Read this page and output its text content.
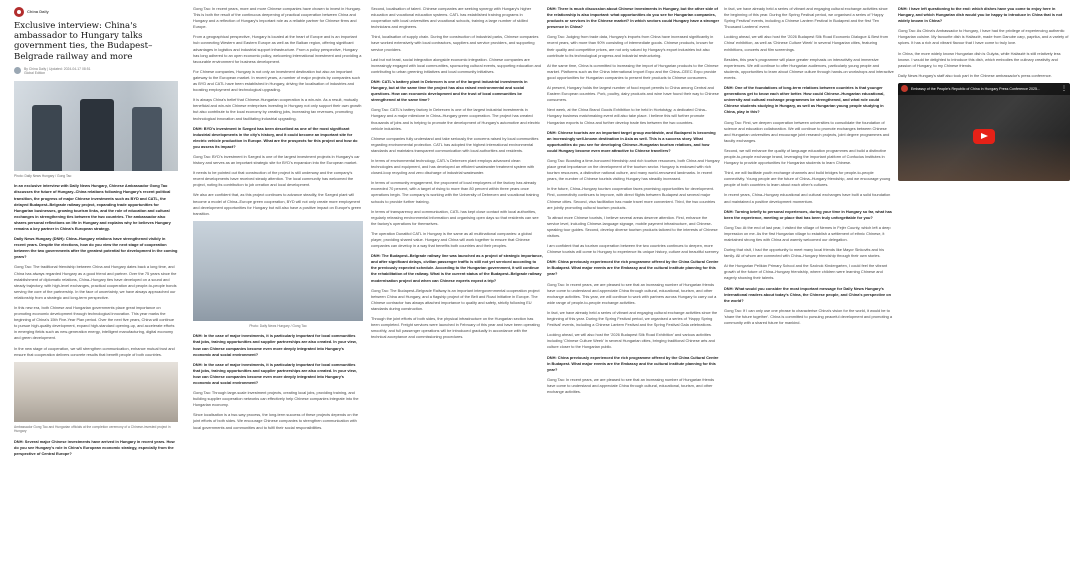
China Daily
Exclusive interview: China's ambassador to Hungary talks government ties, the Budapest–Belgrade railway and more
By China Daily | Updated: 2024-04-17 08:51
Global Edition
Photo: Daily News Hungary / Gong Tao

In an exclusive interview with Daily News Hungary, Chinese Ambassador Gong Tao discusses the future of Hungary–China relations following Hungary's recent political transition, the progress of major Chinese investments such as BYD and CATL, the delayed Budapest–Belgrade railway project, expanding trade opportunities for Hungarian businesses, growing tourism links, and the role of education and cultural exchanges in strengthening ties between the two countries. The ambassador also shares personal reflections on life in Hungary and explains why he believes Hungary remains a key partner in China's European strategy.

Daily News Hungary (DNH): China–Hungary relations have strengthened visibly in recent years. Despite the elections, how do you view the next stage of cooperation between the two governments after the greatest potential for development in the coming years?

Gong Tao: The traditional friendship between China and Hungary dates back a long time, and China has always regarded Hungary as a good friend and partner. Over the 75 years since the establishment of diplomatic relations, China–Hungary ties have developed on a sound and steady trajectory, with high-level exchanges, practical cooperation and people-to-people bonds serving the core of the partnership. In the face of uncertainty, we have always approached our relationship from a strategic and long-term perspective.

In this new era, both Chinese and Hungarian governments place great importance on promoting economic development through technological innovation. This year marks the beginning of China's 15th Five-Year Plan period. Over the next five years, China will continue to pursue high-quality development, expand high-standard opening-up, and accelerate efforts in emerging fields such as new-generation energy, intelligent manufacturing, digital economy and green development.

In the new stage of cooperation, we will strengthen communication, enhance mutual trust and ensure that cooperation delivers concrete results that benefit people of both countries.

Ambassador Gong Tao and Hungarian officials at the completion ceremony of a Chinese-invested project in Hungary

DNH: Several major Chinese investments have arrived in Hungary in recent years. How do you see Hungary's role in China's European economic strategy, especially from the perspective of Central Europe?

Gong Tao: In recent years, more and more Chinese companies have chosen to invest in Hungary. This is both the result of the continuous deepening of practical cooperation between China and Hungary and a reflection of Hungary's important role as a reliable partner for Chinese firms and Europe.

From a geographical perspective, Hungary is located at the heart of Europe and is an important hub connecting Western and Eastern Europe as well as the Balkan region, offering significant advantages in logistics and industrial support infrastructure. From a policy perspective, Hungary has long adhered to an open economic policy, welcoming international investment and providing a favourable environment for business development.

For Chinese companies, Hungary is not only an investment destination but also an important gateway to the European market. In recent years, a number of major projects by companies such as BYD and CATL have been established in Hungary, driving the localisation of industries and boosting employment and technological upgrading.

It is always China's belief that Chinese-Hungarian cooperation is a win-win. As a result, mutually beneficial and win-win Chinese enterprises investing in Hungary not only support their own growth but also contribute to the local economy by creating jobs, increasing tax revenues, promoting technological innovation and facilitating industrial upgrading.

DNH: BYD's investment in Szeged has been described as one of the most significant industrial developments in the city's history, and it could become an important site for electric vehicle production in Europe. What are the prospects for this project and how do you assess its impact?

Gong Tao: BYD's investment in Szeged is one of the largest investment projects in Hungary's car history and serves as an important strategic site for BYD's expansion into the European market.

It needs to be pointed out that construction of the project is still underway and the company's recent developments have received steady attention. The local community has welcomed the project, noting its contribution to job creation and local development.

We also are confident that, as this project continues to advance steadily, the Szeged plant will become a model of China–Europe green cooperation, BYD will not only create more employment and development opportunities for Hungary but will also have a positive impact on Europe's green transition.

Photo: Daily News Hungary / Gong Tao

DNH: In the case of major investments, it is particularly important for local communities that jobs, training opportunities and supplier partnerships are also created. In your view, how can Chinese companies become even more deeply integrated into Hungary's economic and social environment?

DNH: In the case of major investments, it is particularly important for local communities that jobs, training opportunities and supplier partnerships are also created. In your view, how can Chinese companies become even more deeply integrated into Hungary's economic and social environment?

Gong Tao: Through large-scale investment projects, creating local jobs, providing training, and building supplier cooperation networks can effectively help Chinese companies integrate into the Hungarian economy.

Since localisation is a two-way process, the long-term success of these projects depends on the joint efforts of both sides. We encourage Chinese companies to strengthen communication with local governments and communities and to fulfil their social responsibilities.

Second, localisation of talent. Chinese companies are seeking synergy with Hungary's higher education and vocational education systems. CATL has established training programs in cooperation with local universities and vocational schools, training a large number of skilled technicians and engineers.

Third, localisation of supply chain. During the construction of industrial parks, Chinese companies have worked extensively with local contractors, suppliers and service providers, and supporting service providers.

Last but not least, social integration alongside economic integration. Chinese companies are increasingly engaged with local communities, sponsoring cultural events, supporting education and contributing to urban greening initiatives and local community initiatives.

DNH: CATL's battery plant in Debrecen is one of the largest industrial investments in Hungary, but at the same time the project has also raised environmental and social questions. How can economic development and the trust of local communities be strengthened at the same time?

Gong Tao: CATL's battery factory in Debrecen is one of the largest industrial investments in Hungary and a major milestone in China–Hungary green cooperation. The project has created thousands of jobs and is helping to promote the development of Hungary's automotive and electric vehicle industries.

Chinese companies fully understand and take seriously the concerns raised by local communities regarding environmental protection. CATL has adopted the highest international environmental standards and maintains transparent communication with local authorities and residents.

In terms of environmental technology, CATL's Debrecen plant employs advanced clean technologies and equipment, and has developed an efficient wastewater treatment system with closed-loop recycling and zero discharge of industrial wastewater.

In terms of community engagement, the proponent of local employees of the factory has already exceeded 70 percent, with a target of rising to more than 80 percent within three years once operations begin. The company is working with the University of Debrecen and vocational training schools to provide further training.

In terms of transparency and communication, CATL has kept close contact with local authorities, regularly releasing environmental information and organising open days so that residents can see the factory's operations for themselves.

The operation Dunatitol CATL in Hungary is the same as all multinational companies: a global player, providing shared value. Hungary and China will work together to ensure that Chinese companies can develop in a way that benefits both countries and their peoples.

DNH: The Budapest–Belgrade railway line was launched as a project of strategic importance, and after significant delays, civilian passenger traffic is still not yet serviced according to the previously expected schedule. According to the Hungarian government, it will continue the rehabilitation of the railway. What is the current status of the Budapest–Belgrade railway modernisation project and when can Chinese experts expect a trip?

Gong Tao: The Budapest–Belgrade Railway is an important intergovernmental cooperation project between China and Hungary, and a flagship project of the Belt and Road Initiative in Europe. The Chinese contractor has always attached importance to quality and safety, strictly following EU standards during construction.

Through the joint efforts of both sides, the physical infrastructure on the Hungarian section has been completed. Freight services were launched in February of this year and have been operating smoothly, and full passenger operations will be introduced gradually in accordance with the technical acceptance and commissioning procedures.

DNH: There is much discussion about Chinese investments in Hungary, but the other side of the relationship is also important: what opportunities do you see for Hungarian companies, products or services in the Chinese market? In which sectors could Hungary have a stronger presence in China?

Gong Tao: Judging from trade data, Hungary's imports from China have increased significantly in recent years, with more than 90% consisting of intermediate goods. Chinese products, known for their quality and competitive prices, are not only valued by Hungary's export industries but also contribute to its technological progress and industrial restructuring.

At the same time, China is committed to increasing the import of Hungarian products to the Chinese market. Platforms such as the China International Import Expo and the China–CEEC Expo provide good opportunities for Hungarian companies to present their products to Chinese consumers.

At present, Hungary holds the largest number of food export permits to China among Central and Eastern European countries. Pork, poultry, dairy products and wine have found their way to Chinese consumers.

Next week, at the China Brand Goods Exhibition to be held in Hortobágy, a dedicated China–Hungary business matchmaking event will also take place. I believe this will further promote Hungarian exports to China and further develop trade ties between the two countries.

DNH: Chinese tourists are an important target group worldwide, and Budapest is becoming an increasingly well-known destination in Asia as well. This is a success story. What opportunities do you see for developing Chinese–Hungarian tourism relations, and how could Hungary become even more attractive to Chinese travellers?

Gong Tao: Boosting a time-honoured friendship and rich tourism resources, both China and Hungary place great importance on the development of the tourism sector. Hungary is endowed with rich tourism resources, a distinctive national culture, and many world-renowned landmarks. In recent years, the number of Chinese tourists visiting Hungary has steadily increased.

In the future, China–Hungary tourism cooperation faces promising opportunities for development. First, connectivity continues to improve, with direct flights between Budapest and several major Chinese cities. Second, visa facilitation has made travel more convenient. Third, the two countries are jointly promoting cultural tourism products.

To attract more Chinese tourists, I believe several areas deserve attention. First, enhance the service level, including Chinese-language signage, mobile payment infrastructure, and Chinese-speaking tour guides. Second, develop diverse tourism products tailored to the interests of Chinese visitors.

I am confident that as tourism cooperation between the two countries continues to deepen, more Chinese tourists will come to Hungary to experience its unique history, culture and beautiful scenery.

DNH: China previously experienced the rich programme offered by the China Cultural Centre in Budapest. What major events are the Embassy and the cultural institute planning for this year?

Gong Tao: In recent years, we are pleased to see that an increasing number of Hungarian friends have come to understand and appreciate China through cultural, educational, tourism, and other exchange activities. This year, we will continue to work with partners across Hungary to carry out a wide range of people-to-people exchange activities.

In fact, we have already held a series of vibrant and engaging cultural exchange activities since the beginning of this year. During the Spring Festival period, we organised a series of 'Happy Spring Festival' events, including a Chinese Lantern Festival and the Spring Festival Gala celebrations.

Looking ahead, we will also host the '2026 Budapest Silk Road Exhibition' and various activities including 'Chinese Culture Week' in several Hungarian cities, bringing traditional Chinese arts and culture closer to the Hungarian public.

DNH: China previously experienced the rich programme offered by the China Cultural Centre in Budapest. What major events are the Embassy and the cultural institute planning for this year?

Gong Tao: In recent years, we are pleased to see that an increasing number of Hungarian friends have come to understand and appreciate China through cultural, educational, tourism, and other exchange activities.

In fact, we have already held a series of vibrant and engaging cultural exchange activities since the beginning of this year. During the Spring Festival period, we organised a series of 'Happy Spring Festival' events, including a Chinese Lantern Festival in Budapest and the first 'Ten Thousand Lanterns' event.

Looking ahead, we will also host the '2026 Budapest Silk Road Economic Dialogue & Best from China' exhibition, as well as 'Chinese Culture Week' in several Hungarian cities, featuring exhibitions, concerts and film screenings.

Besides, this year's programme will place greater emphasis on interactivity and immersive experiences. We will continue to offer Hungarian audiences, particularly young people and students, opportunities to learn about Chinese culture through hands-on workshops and interactive events.

DNH: One of the foundations of long-term relations between countries is that younger generations get to know each other better. How could Chinese–Hungarian educational, university and cultural exchange programmes be strengthened, and what role could Chinese students studying in Hungary, as well as Hungarian young people studying in China, play in this?

Gong Tao: First, we deepen cooperation between universities to consolidate the foundation of science and education collaboration. We will continue to promote exchanges between Chinese and Hungarian universities and encourage joint research projects, joint degree programmes and faculty exchanges.

Second, we will enhance the quality of language education programmes and build a distinctive people-to-people exchange brand, leveraging the important platform of Confucius Institutes in Hungary to provide opportunities for Hungarian students to learn Chinese.

Third, we will facilitate youth exchange channels and build bridges for people-to-people connectivity. Young people are the future of China–Hungary friendship, and we encourage young people of both countries to learn about each other's cultures.

In recent years, China–Hungary educational and cultural exchanges have built a solid foundation and maintained a positive development momentum.

DNH: Turning briefly to personal experiences, during your time in Hungary so far, what has been the experience, meeting or place that has been truly unforgettable for you?

Gong Tao: At the end of last year, I visited the village of Nemes in Fejér County, which left a deep impression on me. As the first Hungarian village to establish a settlement of ethnic Chinese, it maintained strong ties with China and warmly welcomed our delegation.

During that visit, I had the opportunity to meet many local friends like Mayor Sinkovits and his family. All of whom are connected with China–Hungary friendship through their own stories.

At the Hungarian Pelikán Primary School and the Szolnok Kindergarten, I could feel the vibrant growth of the future of China–Hungary friendship, where children were learning Chinese and eagerly showing their talents.

DNH: What would you consider the most important message for Daily News Hungary's international readers about today's China, the Chinese people, and China's perspective on the world?

Gong Tao: If I can only use one phrase to characterise China's vision for the world, it would be to 'share the future together'. China is committed to pursuing peaceful development and promoting a community with a shared future for mankind.

DNH: I have left questioning to the end: which dishes have you come to enjoy here in Hungary, and which Hungarian dish would you be happy to introduce in China that is not widely known in China?

Gong Tao: As China's Ambassador to Hungary, I have had the privilege of experiencing authentic Hungarian cuisine. My favourite dish is Halászlé, made from Danube carp, paprika, and a variety of spices. It has a rich and vibrant flavour that I have come to truly love.

In China, the more widely known Hungarian dish is Gulyás, while Halászlé is still relatively less known. I would be delighted to introduce this dish, which embodies the culinary creativity and passion of Hungary, to my Chinese friends.

Daily News Hungary's staff also took part in the Chinese ambassador's press conference.

Embassy of the People's Republic of China in Hungary Press Conference 2025...	⋮
